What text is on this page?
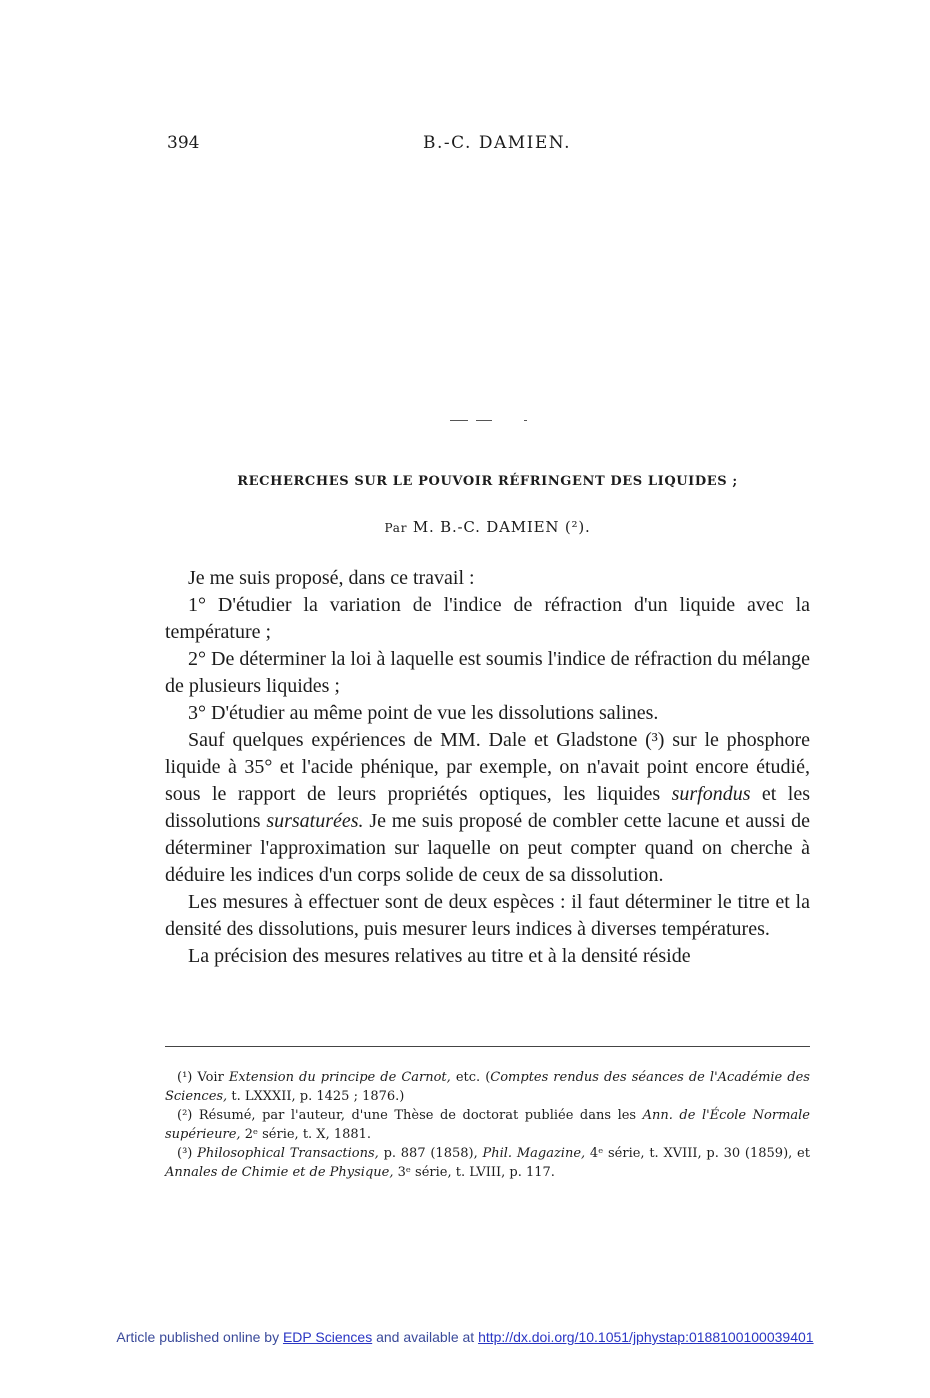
394	B.-C. DAMIEN.
RECHERCHES SUR LE POUVOIR RÉFRINGENT DES LIQUIDES ;
Par M. B.-C. DAMIEN (²).

Je me suis proposé, dans ce travail :

1° D'étudier la variation de l'indice de réfraction d'un liquide avec la température ;

2° De déterminer la loi à laquelle est soumis l'indice de réfraction du mélange de plusieurs liquides ;

3° D'étudier au même point de vue les dissolutions salines.

Sauf quelques expériences de MM. Dale et Gladstone (³) sur le phosphore liquide à 35° et l'acide phénique, par exemple, on n'avait point encore étudié, sous le rapport de leurs propriétés optiques, les liquides surfondus et les dissolutions sursaturées. Je me suis proposé de combler cette lacune et aussi de déterminer l'approximation sur laquelle on peut compter quand on cherche à déduire les indices d'un corps solide de ceux de sa dissolution.

Les mesures à effectuer sont de deux espèces : il faut déterminer le titre et la densité des dissolutions, puis mesurer leurs indices à diverses températures.

La précision des mesures relatives au titre et à la densité réside

(¹) Voir Extension du principe de Carnot, etc. (Comptes rendus des séances de l'Académie des Sciences, t. LXXXII, p. 1425 ; 1876.)

(²) Résumé, par l'auteur, d'une Thèse de doctorat publiée dans les Ann. de l'École Normale supérieure, 2ᵉ série, t. X, 1881.

(³) Philosophical Transactions, p. 887 (1858), Phil. Magazine, 4ᵉ série, t. XVIII, p. 30 (1859), et Annales de Chimie et de Physique, 3ᵉ série, t. LVIII, p. 117.

Article published online by EDP Sciences and available at http://dx.doi.org/10.1051/jphystap:0188100100039401
